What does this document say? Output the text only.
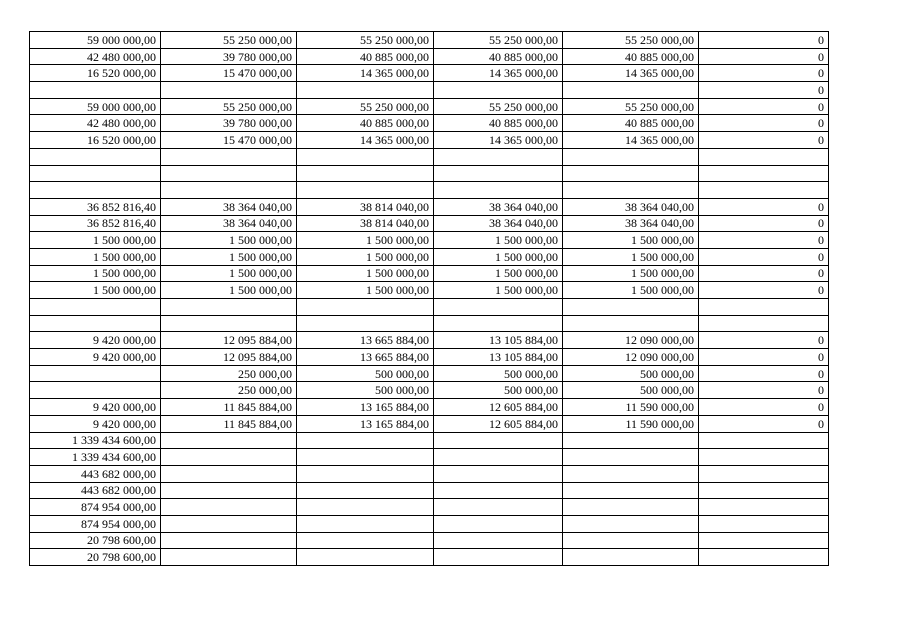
59 000 000,00	55 250 000,00	55 250 000,00	55 250 000,00	55 250 000,00	0
42 480 000,00	39 780 000,00	40 885 000,00	40 885 000,00	40 885 000,00	0
16 520 000,00	15 470 000,00	14 365 000,00	14 365 000,00	14 365 000,00	0
					0
59 000 000,00	55 250 000,00	55 250 000,00	55 250 000,00	55 250 000,00	0
42 480 000,00	39 780 000,00	40 885 000,00	40 885 000,00	40 885 000,00	0
16 520 000,00	15 470 000,00	14 365 000,00	14 365 000,00	14 365 000,00	0

36 852 816,40	38 364 040,00	38 814 040,00	38 364 040,00	38 364 040,00	0
36 852 816,40	38 364 040,00	38 814 040,00	38 364 040,00	38 364 040,00	0
1 500 000,00	1 500 000,00	1 500 000,00	1 500 000,00	1 500 000,00	0
1 500 000,00	1 500 000,00	1 500 000,00	1 500 000,00	1 500 000,00	0
1 500 000,00	1 500 000,00	1 500 000,00	1 500 000,00	1 500 000,00	0
1 500 000,00	1 500 000,00	1 500 000,00	1 500 000,00	1 500 000,00	0

9 420 000,00	12 095 884,00	13 665 884,00	13 105 884,00	12 090 000,00	0
9 420 000,00	12 095 884,00	13 665 884,00	13 105 884,00	12 090 000,00	0
	250 000,00	500 000,00	500 000,00	500 000,00	0
	250 000,00	500 000,00	500 000,00	500 000,00	0
9 420 000,00	11 845 884,00	13 165 884,00	12 605 884,00	11 590 000,00	0
9 420 000,00	11 845 884,00	13 165 884,00	12 605 884,00	11 590 000,00	0
1 339 434 600,00					
1 339 434 600,00					
443 682 000,00					
443 682 000,00					
874 954 000,00					
874 954 000,00					
20 798 600,00					
20 798 600,00					
